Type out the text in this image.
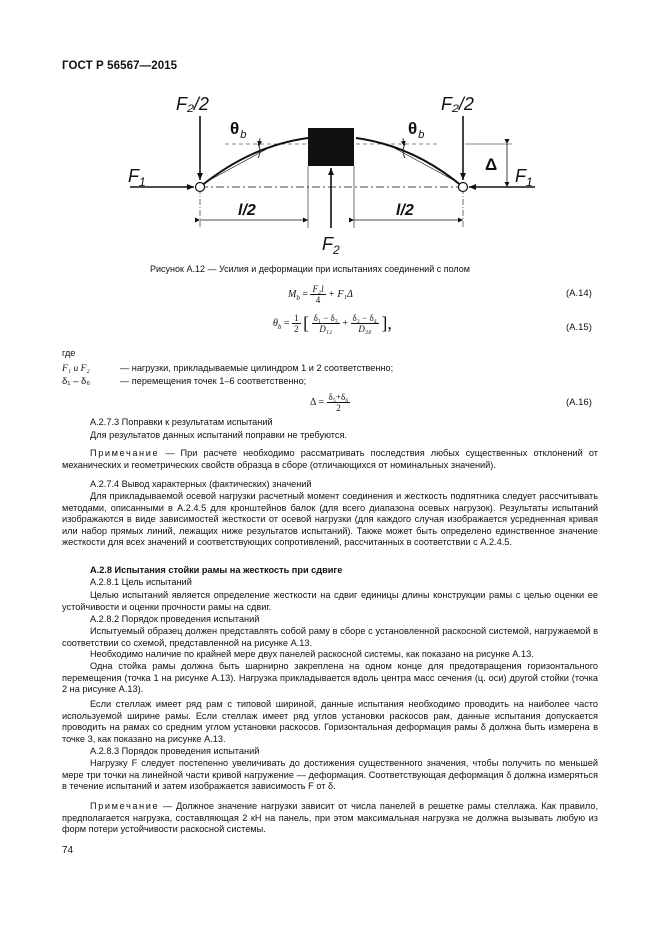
ГОСТ Р 56567—2015
F₂/2	F₂/2
$\theta_b$	$\theta_b$
$F_1$	$F_1$
Δ
l/2	l/2
$F_2$
Рисунок А.12 — Усилия и деформации при испытаниях соединений с полом
$M_b = \frac{\text{F₂l}}{4} + F_1\Delta$	(А.14)
$\theta_b = \frac{1}{2}$ [ $\frac{\text{δ₁ − δ₃}}{\text{D₁₂}} + \frac{\text{δ₂ − δ₄}}{\text{D₃₄}}$ ],	(А.15)
где
F₁ и F₂	— нагрузки, прикладываемые цилиндром 1 и 2 соответственно;
δ₁ – δ₆	— перемещения точек 1–6 соответственно;
$\Delta = \frac{\text{δ₅+δ₆}}{2}$	(А.16)
А.2.7.3 Поправки к результатам испытаний
Для результатов данных испытаний поправки не требуются.
Примечание — При расчете необходимо рассматривать последствия любых существенных отклонений от механических и геометрических свойств образца в сборе (отличающихся от номинальных значений).
А.2.7.4 Вывод характерных (фактических) значений
Для прикладываемой осевой нагрузки расчетный момент соединения и жесткость подпятника следует рассчитывать методами, описанными в А.2.4.5 для кронштейнов балок (для всего диапазона осевых нагрузок). Результаты испытаний изображаются в виде зависимостей жесткости от осевой нагрузки (для каждого случая изображается усредненная кривая или набор прямых линий, лежащих ниже результатов испытаний). Также может быть определено единственное значение жесткости для всех значений и соответствующих сопротивлений, рассчитанных в соответствии с А.2.4.5.
А.2.8 Испытания стойки рамы на жесткость при сдвиге
А.2.8.1 Цель испытаний
Целью испытаний является определение жесткости на сдвиг единицы длины конструкции рамы с целью оценки ее устойчивости и оценки прочности рамы на сдвиг.
А.2.8.2 Порядок проведения испытаний
Испытуемый образец должен представлять собой раму в сборе с установленной раскосной системой, нагружаемой в соответствии со схемой, представленной на рисунке А.13.
Необходимо наличие по крайней мере двух панелей раскосной системы, как показано на рисунке А.13.
Одна стойка рамы должна быть шарнирно закреплена на одном конце для предотвращения горизонтального перемещения (точка 1 на рисунке А.13). Нагрузка прикладывается вдоль центра масс сечения (ц. оси) другой стойки (точка 2 на рисунке А.13).
Если стеллаж имеет ряд рам с типовой шириной, данные испытания необходимо проводить на наиболее часто используемой ширине рамы. Если стеллаж имеет ряд углов установки раскосов рам, данные испытания допускается проводить на рамах со средним углом установки раскосов. Горизонтальная деформация рамы δ должна быть измерена в точке 3, как показано на рисунке А.13.
А.2.8.3 Порядок проведения испытаний
Нагрузку F следует постепенно увеличивать до достижения существенного значения, чтобы получить по меньшей мере три точки на линейной части кривой нагружение — деформация. Соответствующая деформация δ должна измеряться в течение испытаний и затем изображается зависимость F от δ.
Примечание — Должное значение нагрузки зависит от числа панелей в решетке рамы стеллажа. Как правило, предполагается нагрузка, составляющая 2 кН на панель, при этом максимальная нагрузка не должна вызывать любую из форм потери устойчивости раскосной системы.
74
